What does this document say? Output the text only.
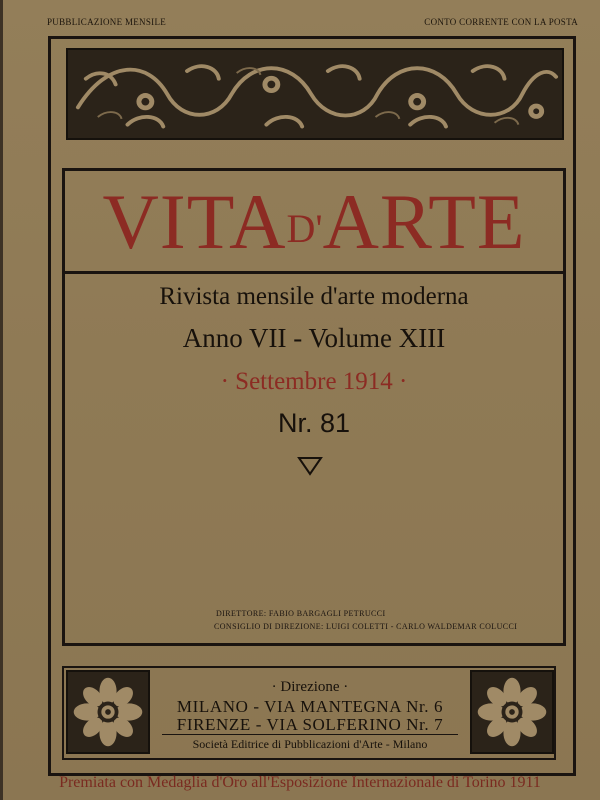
PUBBLICAZIONE MENSILE	CONTO CORRENTE CON LA POSTA
VITAD'ARTE
Rivista mensile d'arte moderna
Anno VII - Volume XIII
· Settembre 1914 ·
Nr. 81
DIRETTORE: FABIO BARGAGLI PETRUCCI
CONSIGLIO DI DIREZIONE: LUIGI COLETTI - CARLO WALDEMAR COLUCCI
· Direzione ·
MILANO - VIA MANTEGNA Nr. 6
FIRENZE - VIA SOLFERINO Nr. 7
Società Editrice di Pubblicazioni d'Arte - Milano
Premiata con Medaglia d'Oro all'Esposizione Internazionale di Torino 1911
